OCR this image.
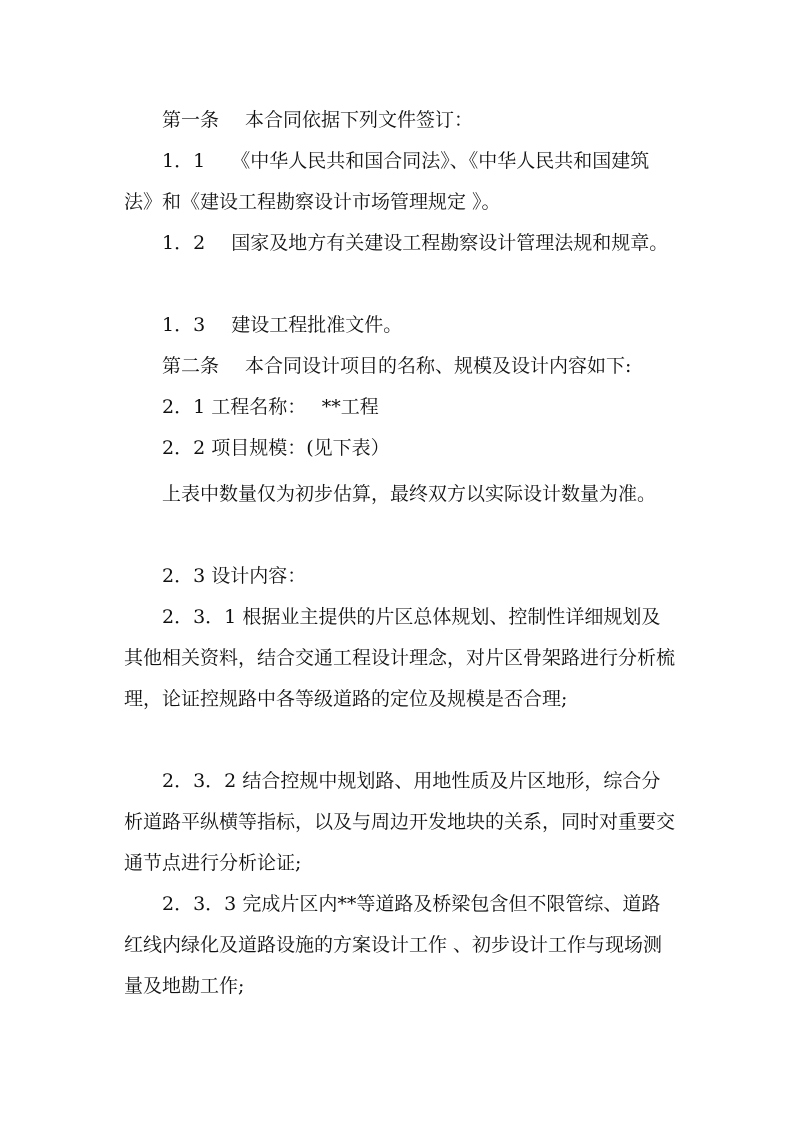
第一条 本合同依据下列文件签订：

1．1 《中华人民共和国合同法》、《中华人民共和国建筑法》和《建设工程勘察设计市场管理规定 》。

1．2 国家及地方有关建设工程勘察设计管理法规和规章。

1．3 建设工程批准文件。

第二条 本合同设计项目的名称、规模及设计内容如下:

2．1 工程名称：　 **工程

2．2 项目规模：(见下表）

上表中数量仅为初步估算，最终双方以实际设计数量为准。

2．3 设计内容：

2．3．1 根据业主提供的片区总体规划、控制性详细规划及其他相关资料，结合交通工程设计理念，对片区骨架路进行分析梳理，论证控规路中各等级道路的定位及规模是否合理;

2．3．2 结合控规中规划路、用地性质及片区地形，综合分析道路平纵横等指标，以及与周边开发地块的关系，同时对重要交通节点进行分析论证;

2．3．3 完成片区内**等道路及桥梁包含但不限管综、道路红线内绿化及道路设施的方案设计工作 、初步设计工作与现场测量及地勘工作;
